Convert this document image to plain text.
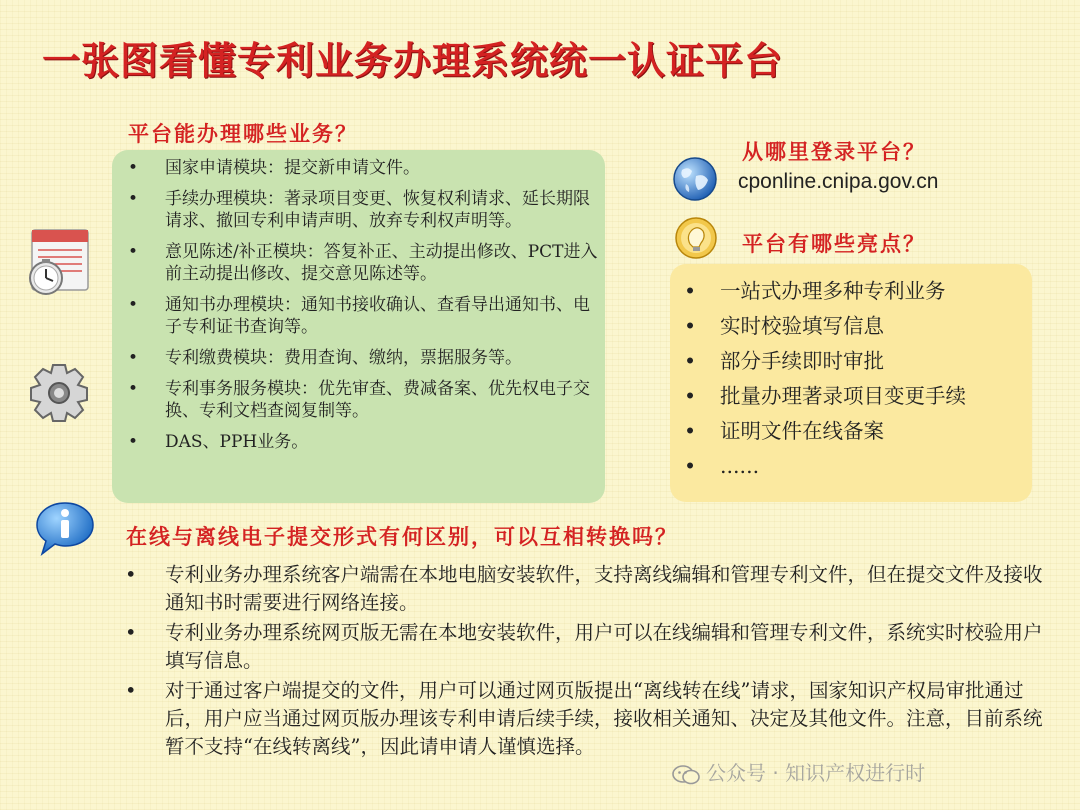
一张图看懂专利业务办理系统统一认证平台
平台能办理哪些业务？
• 国家申请模块：提交新申请文件。
• 手续办理模块：著录项目变更、恢复权利请求、延长期限请求、撤回专利申请声明、放弃专利权声明等。
• 意见陈述/补正模块：答复补正、主动提出修改、PCT进入前主动提出修改、提交意见陈述等。
• 通知书办理模块：通知书接收确认、查看导出通知书、电子专利证书查询等。
• 专利缴费模块：费用查询、缴纳，票据服务等。
• 专利事务服务模块：优先审查、费减备案、优先权电子交换、专利文档查阅复制等。
• DAS、PPH业务。
从哪里登录平台？
cponline.cnipa.gov.cn
平台有哪些亮点？
• 一站式办理多种专利业务
• 实时校验填写信息
• 部分手续即时审批
• 批量办理著录项目变更手续
• 证明文件在线备案
• ......
在线与离线电子提交形式有何区别，可以互相转换吗？
• 专利业务办理系统客户端需在本地电脑安装软件，支持离线编辑和管理专利文件，但在提交文件及接收通知书时需要进行网络连接。
• 专利业务办理系统网页版无需在本地安装软件，用户可以在线编辑和管理专利文件，系统实时校验用户填写信息。
• 对于通过客户端提交的文件，用户可以通过网页版提出“离线转在线”请求，国家知识产权局审批通过后，用户应当通过网页版办理该专利申请后续手续，接收相关通知、决定及其他文件。注意，目前系统暂不支持“在线转离线”，因此请申请人谨慎选择。
公众号 · 知识产权进行时
